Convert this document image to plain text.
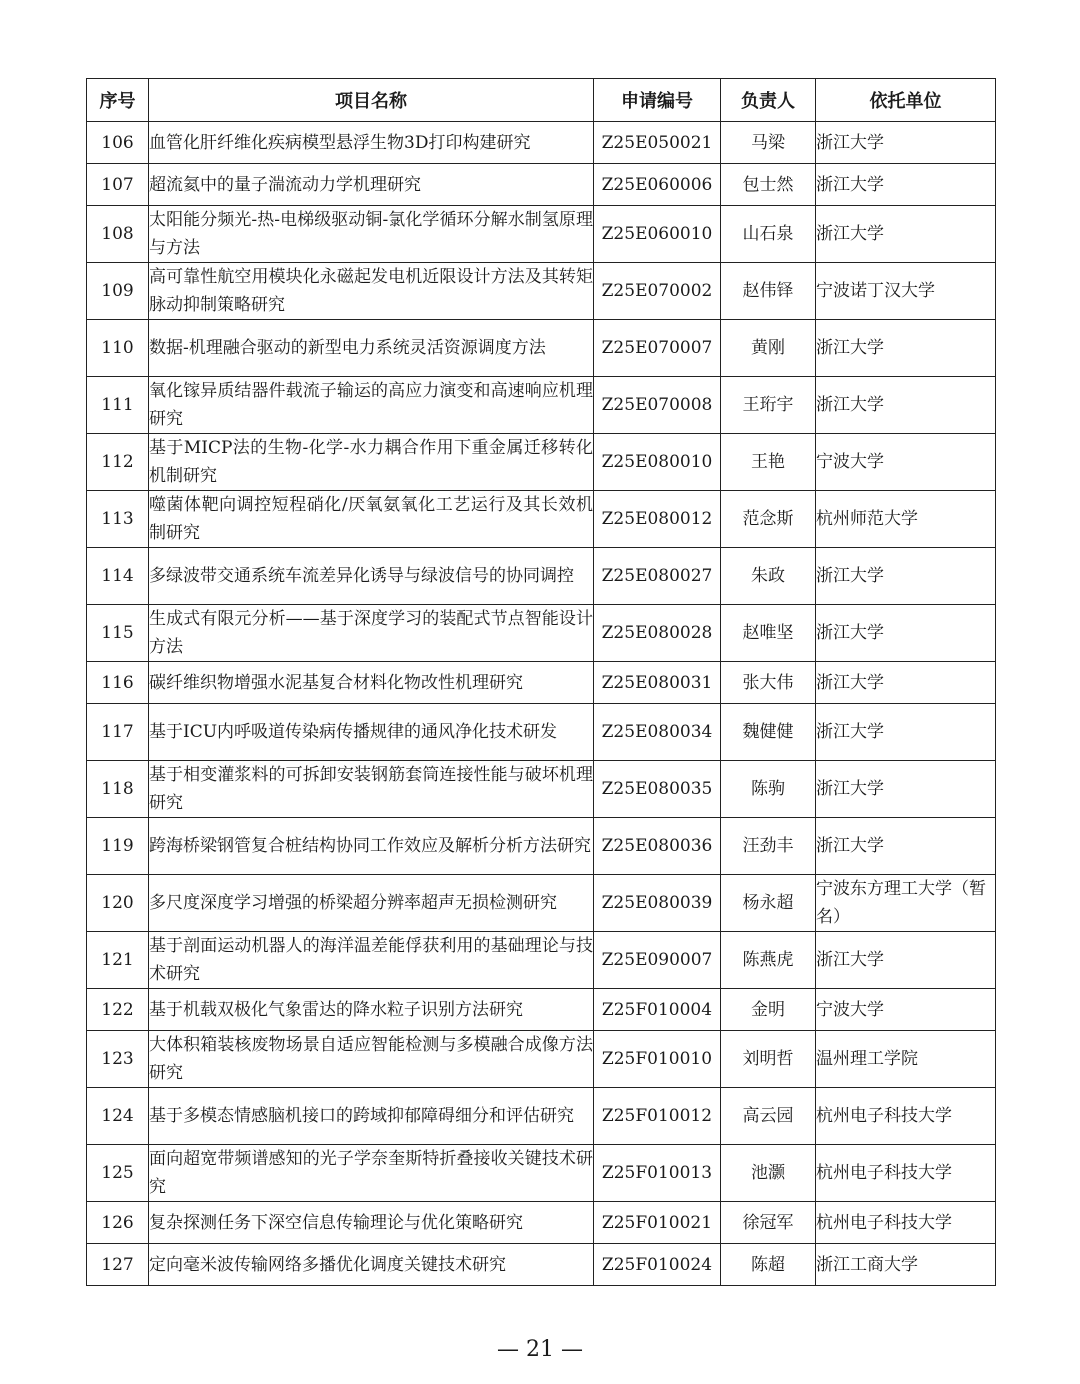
序号	项目名称	申请编号	负责人	依托单位
106	血管化肝纤维化疾病模型悬浮生物3D打印构建研究	Z25E050021	马梁	浙江大学
107	超流氦中的量子湍流动力学机理研究	Z25E060006	包士然	浙江大学
108	太阳能分频光-热-电梯级驱动铜-氯化学循环分解水制氢原理与方法	Z25E060010	山石泉	浙江大学
109	高可靠性航空用模块化永磁起发电机近限设计方法及其转矩脉动抑制策略研究	Z25E070002	赵伟铎	宁波诺丁汉大学
110	数据-机理融合驱动的新型电力系统灵活资源调度方法	Z25E070007	黄刚	浙江大学
111	氧化镓异质结器件载流子输运的高应力演变和高速响应机理研究	Z25E070008	王珩宇	浙江大学
112	基于MICP法的生物-化学-水力耦合作用下重金属迁移转化机制研究	Z25E080010	王艳	宁波大学
113	噬菌体靶向调控短程硝化/厌氧氨氧化工艺运行及其长效机制研究	Z25E080012	范念斯	杭州师范大学
114	多绿波带交通系统车流差异化诱导与绿波信号的协同调控	Z25E080027	朱政	浙江大学
115	生成式有限元分析——基于深度学习的装配式节点智能设计方法	Z25E080028	赵唯坚	浙江大学
116	碳纤维织物增强水泥基复合材料化物改性机理研究	Z25E080031	张大伟	浙江大学
117	基于ICU内呼吸道传染病传播规律的通风净化技术研发	Z25E080034	魏健健	浙江大学
118	基于相变灌浆料的可拆卸安装钢筋套筒连接性能与破坏机理研究	Z25E080035	陈驹	浙江大学
119	跨海桥梁钢管复合桩结构协同工作效应及解析分析方法研究	Z25E080036	汪劲丰	浙江大学
120	多尺度深度学习增强的桥梁超分辨率超声无损检测研究	Z25E080039	杨永超	宁波东方理工大学（暂名）
121	基于剖面运动机器人的海洋温差能俘获利用的基础理论与技术研究	Z25E090007	陈燕虎	浙江大学
122	基于机载双极化气象雷达的降水粒子识别方法研究	Z25F010004	金明	宁波大学
123	大体积箱装核废物场景自适应智能检测与多模融合成像方法研究	Z25F010010	刘明哲	温州理工学院
124	基于多模态情感脑机接口的跨域抑郁障碍细分和评估研究	Z25F010012	高云园	杭州电子科技大学
125	面向超宽带频谱感知的光子学奈奎斯特折叠接收关键技术研究	Z25F010013	池灏	杭州电子科技大学
126	复杂探测任务下深空信息传输理论与优化策略研究	Z25F010021	徐冠军	杭州电子科技大学
127	定向毫米波传输网络多播优化调度关键技术研究	Z25F010024	陈超	浙江工商大学
— 21 —
